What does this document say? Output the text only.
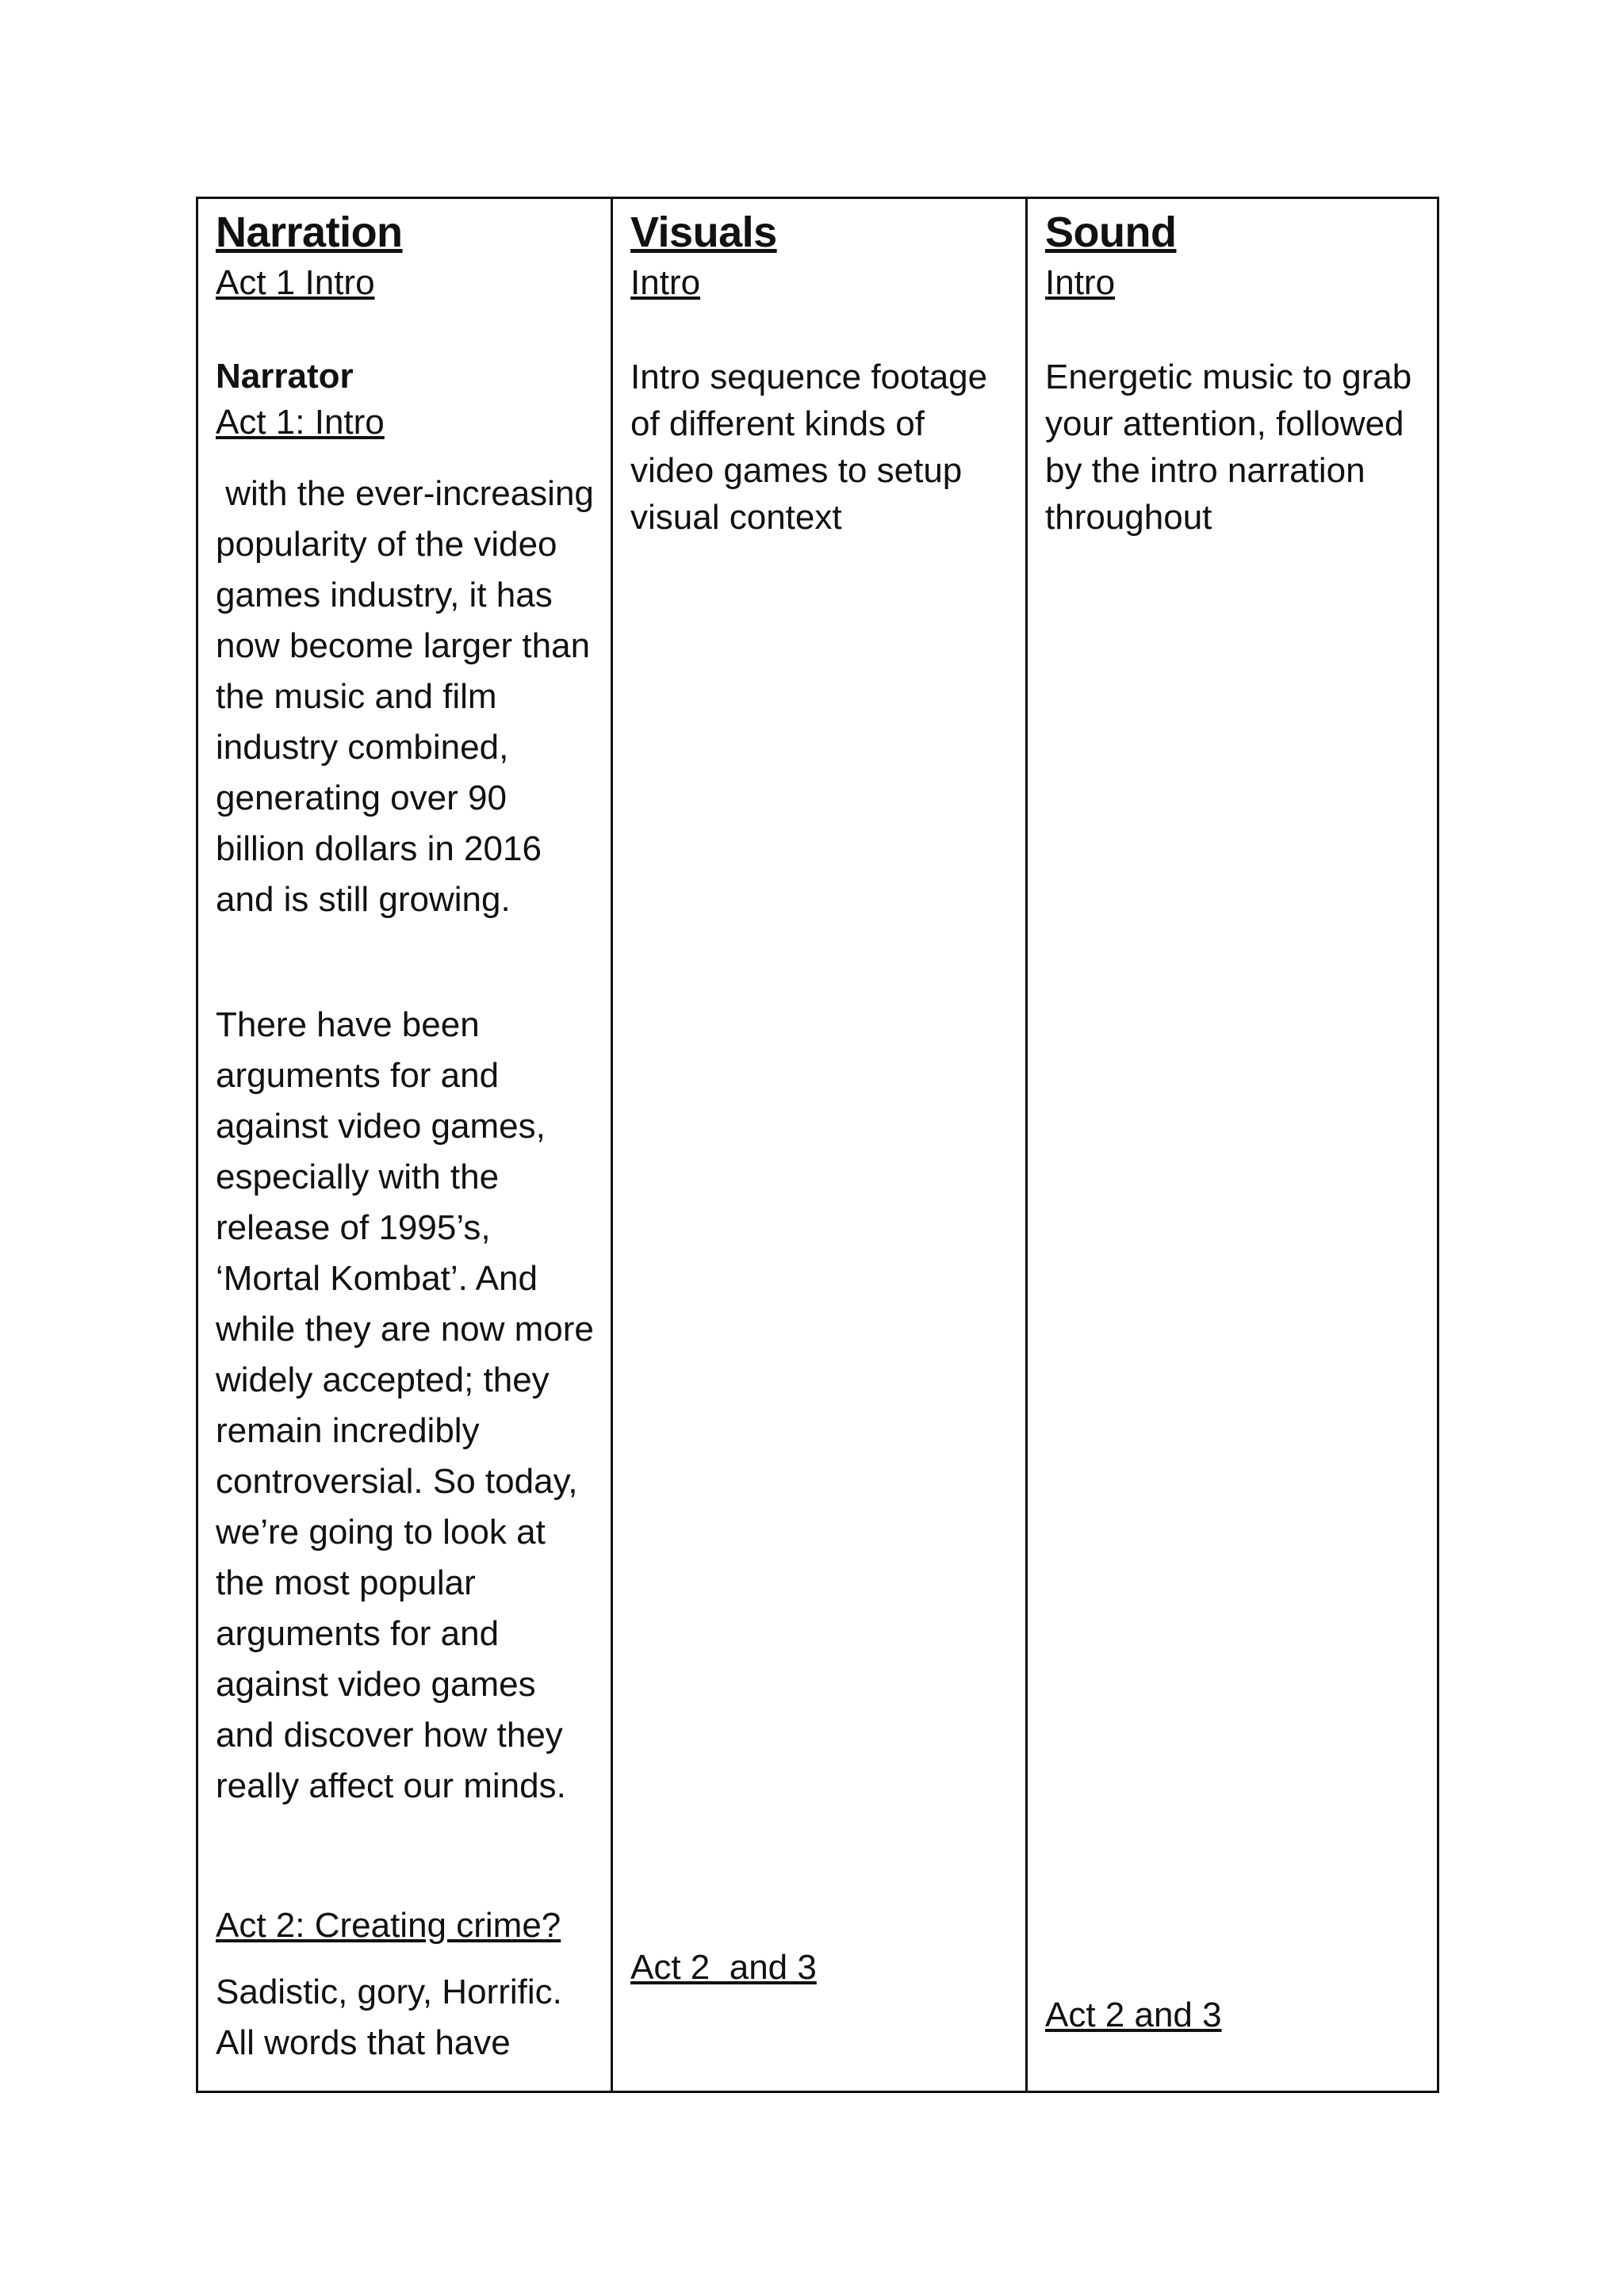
Narration
Act 1 Intro
Narrator
Act 1: Intro
with the ever-increasing popularity of the video games industry, it has now become larger than the music and film industry combined, generating over 90 billion dollars in 2016 and is still growing.
There have been arguments for and against video games, especially with the release of 1995’s, ‘Mortal Kombat’. And while they are now more widely accepted; they remain incredibly controversial. So today, we’re going to look at the most popular arguments for and against video games and discover how they really affect our minds.
Act 2: Creating crime?
Sadistic, gory, Horrific. All words that have
Visuals
Intro
Intro sequence footage of different kinds of video games to setup visual context
Act 2  and 3
Sound
Intro
Energetic music to grab your attention, followed by the intro narration throughout
Act 2 and 3
